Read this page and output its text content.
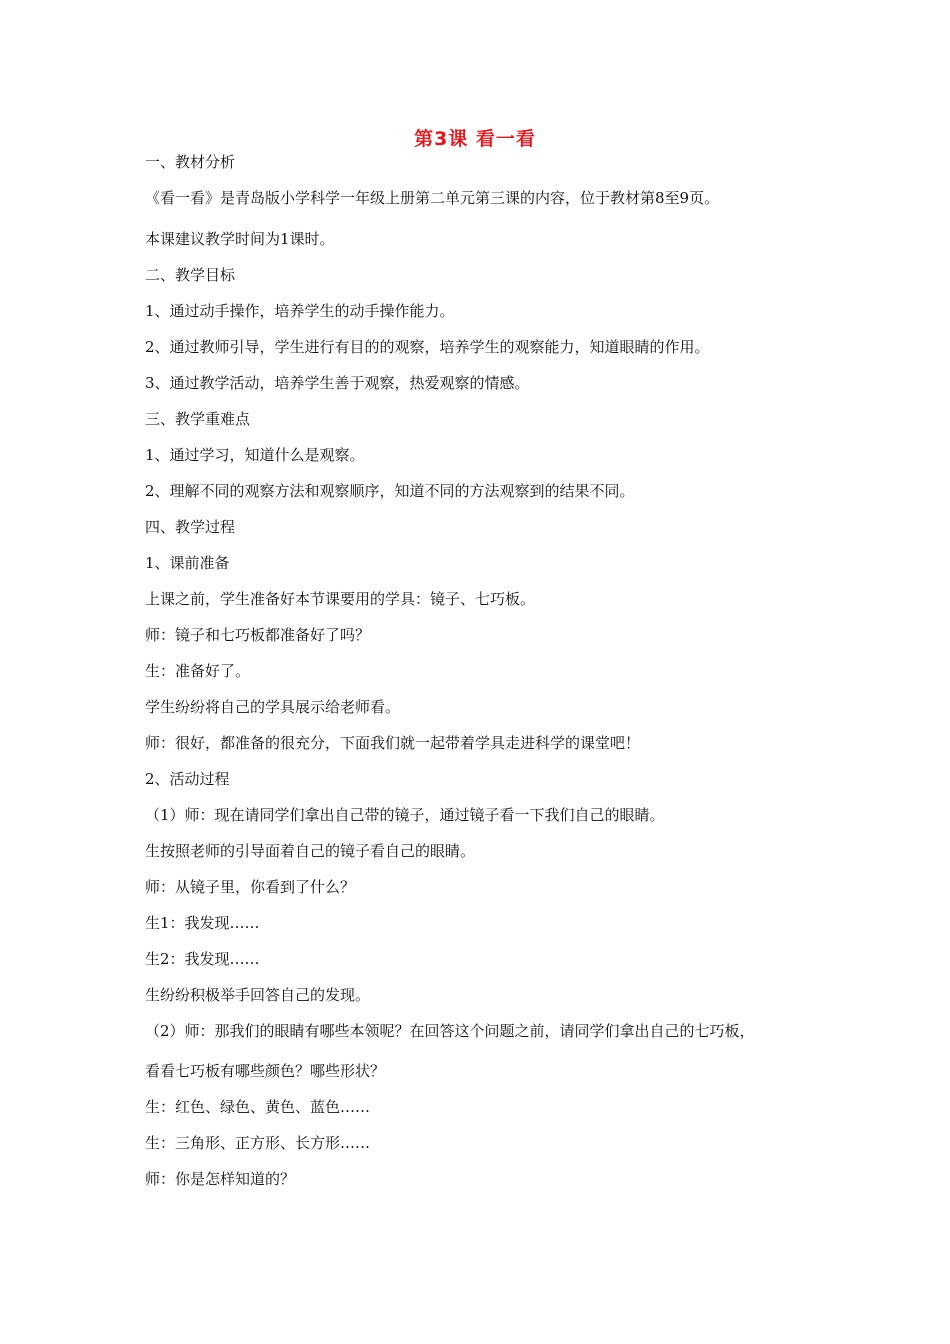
第3课 看一看
一、教材分析
《看一看》是青岛版小学科学一年级上册第二单元第三课的内容，位于教材第8至9页。
本课建议教学时间为1课时。
二、教学目标
1、通过动手操作，培养学生的动手操作能力。
2、通过教师引导，学生进行有目的的观察，培养学生的观察能力，知道眼睛的作用。
3、通过教学活动，培养学生善于观察，热爱观察的情感。
三、教学重难点
1、通过学习，知道什么是观察。
2、理解不同的观察方法和观察顺序，知道不同的方法观察到的结果不同。
四、教学过程
1、课前准备
上课之前，学生准备好本节课要用的学具：镜子、七巧板。
师：镜子和七巧板都准备好了吗？
生：准备好了。
学生纷纷将自己的学具展示给老师看。
师：很好，都准备的很充分，下面我们就一起带着学具走进科学的课堂吧！
2、活动过程
（1）师：现在请同学们拿出自己带的镜子，通过镜子看一下我们自己的眼睛。
生按照老师的引导面着自己的镜子看自己的眼睛。
师：从镜子里，你看到了什么？
生1：我发现……
生2：我发现……
生纷纷积极举手回答自己的发现。
（2）师：那我们的眼睛有哪些本领呢？在回答这个问题之前，请同学们拿出自己的七巧板，
看看七巧板有哪些颜色？哪些形状？
生：红色、绿色、黄色、蓝色……
生：三角形、正方形、长方形……
师：你是怎样知道的？
